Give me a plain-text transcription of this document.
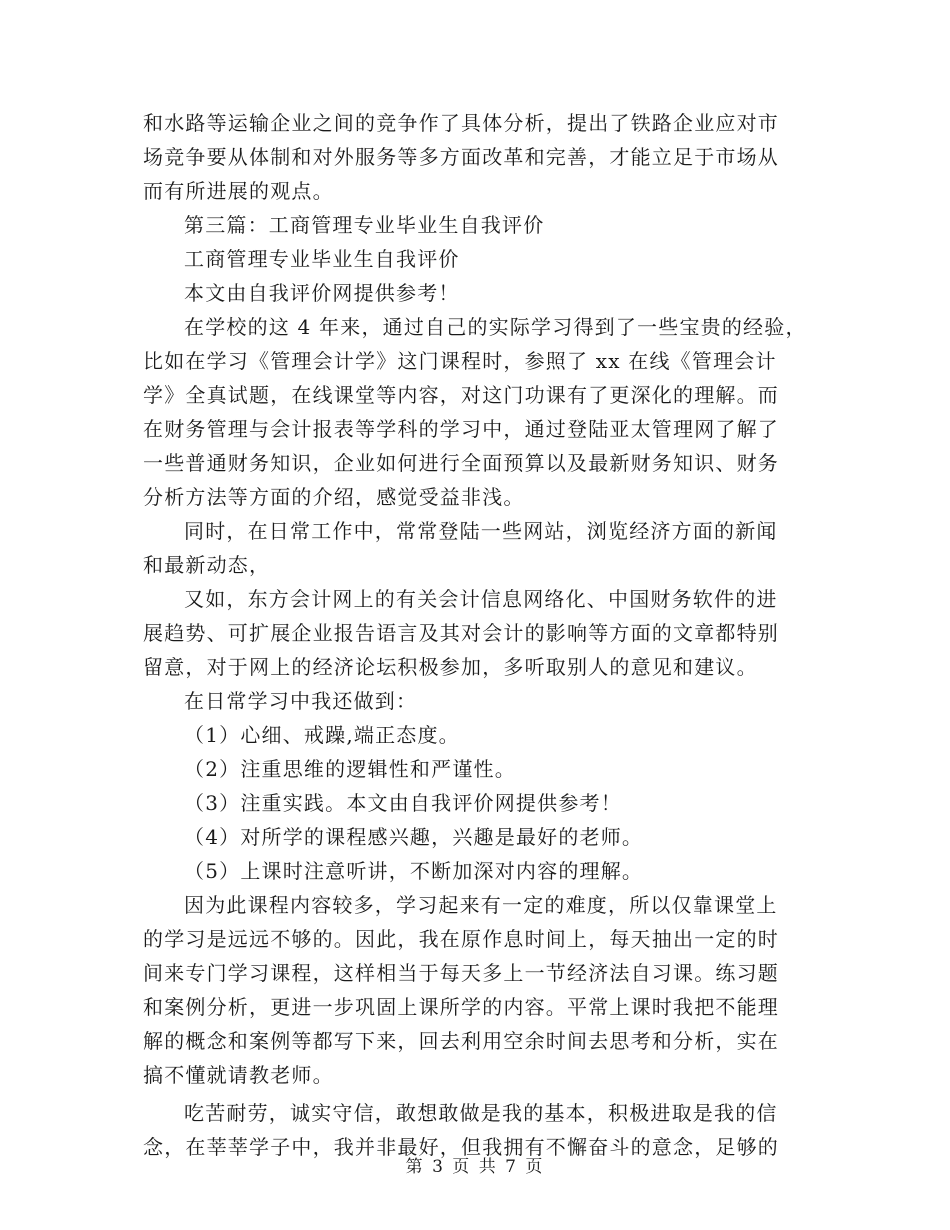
和水路等运输企业之间的竞争作了具体分析，提出了铁路企业应对市
场竞争要从体制和对外服务等多方面改革和完善，才能立足于市场从
而有所进展的观点。
第三篇：工商管理专业毕业生自我评价
工商管理专业毕业生自我评价
本文由自我评价网提供参考！
在学校的这 4 年来，通过自己的实际学习得到了一些宝贵的经验，
比如在学习《管理会计学》这门课程时，参照了 xx 在线《管理会计
学》全真试题，在线课堂等内容，对这门功课有了更深化的理解。而
在财务管理与会计报表等学科的学习中，通过登陆亚太管理网了解了
一些普通财务知识，企业如何进行全面预算以及最新财务知识、财务
分析方法等方面的介绍，感觉受益非浅。
同时，在日常工作中，常常登陆一些网站，浏览经济方面的新闻
和最新动态，
又如，东方会计网上的有关会计信息网络化、中国财务软件的进
展趋势、可扩展企业报告语言及其对会计的影响等方面的文章都特别
留意，对于网上的经济论坛积极参加，多听取别人的意见和建议。
在日常学习中我还做到：
（1）心细、戒躁,端正态度。
（2）注重思维的逻辑性和严谨性。
（3）注重实践。本文由自我评价网提供参考！
（4）对所学的课程感兴趣，兴趣是最好的老师。
（5）上课时注意听讲，不断加深对内容的理解。
因为此课程内容较多，学习起来有一定的难度，所以仅靠课堂上
的学习是远远不够的。因此，我在原作息时间上，每天抽出一定的时
间来专门学习课程，这样相当于每天多上一节经济法自习课。练习题
和案例分析，更进一步巩固上课所学的内容。平常上课时我把不能理
解的概念和案例等都写下来，回去利用空余时间去思考和分析，实在
搞不懂就请教老师。
吃苦耐劳，诚实守信，敢想敢做是我的基本，积极进取是我的信
念，在莘莘学子中，我并非最好，但我拥有不懈奋斗的意念，足够的
第 3 页 共 7 页
